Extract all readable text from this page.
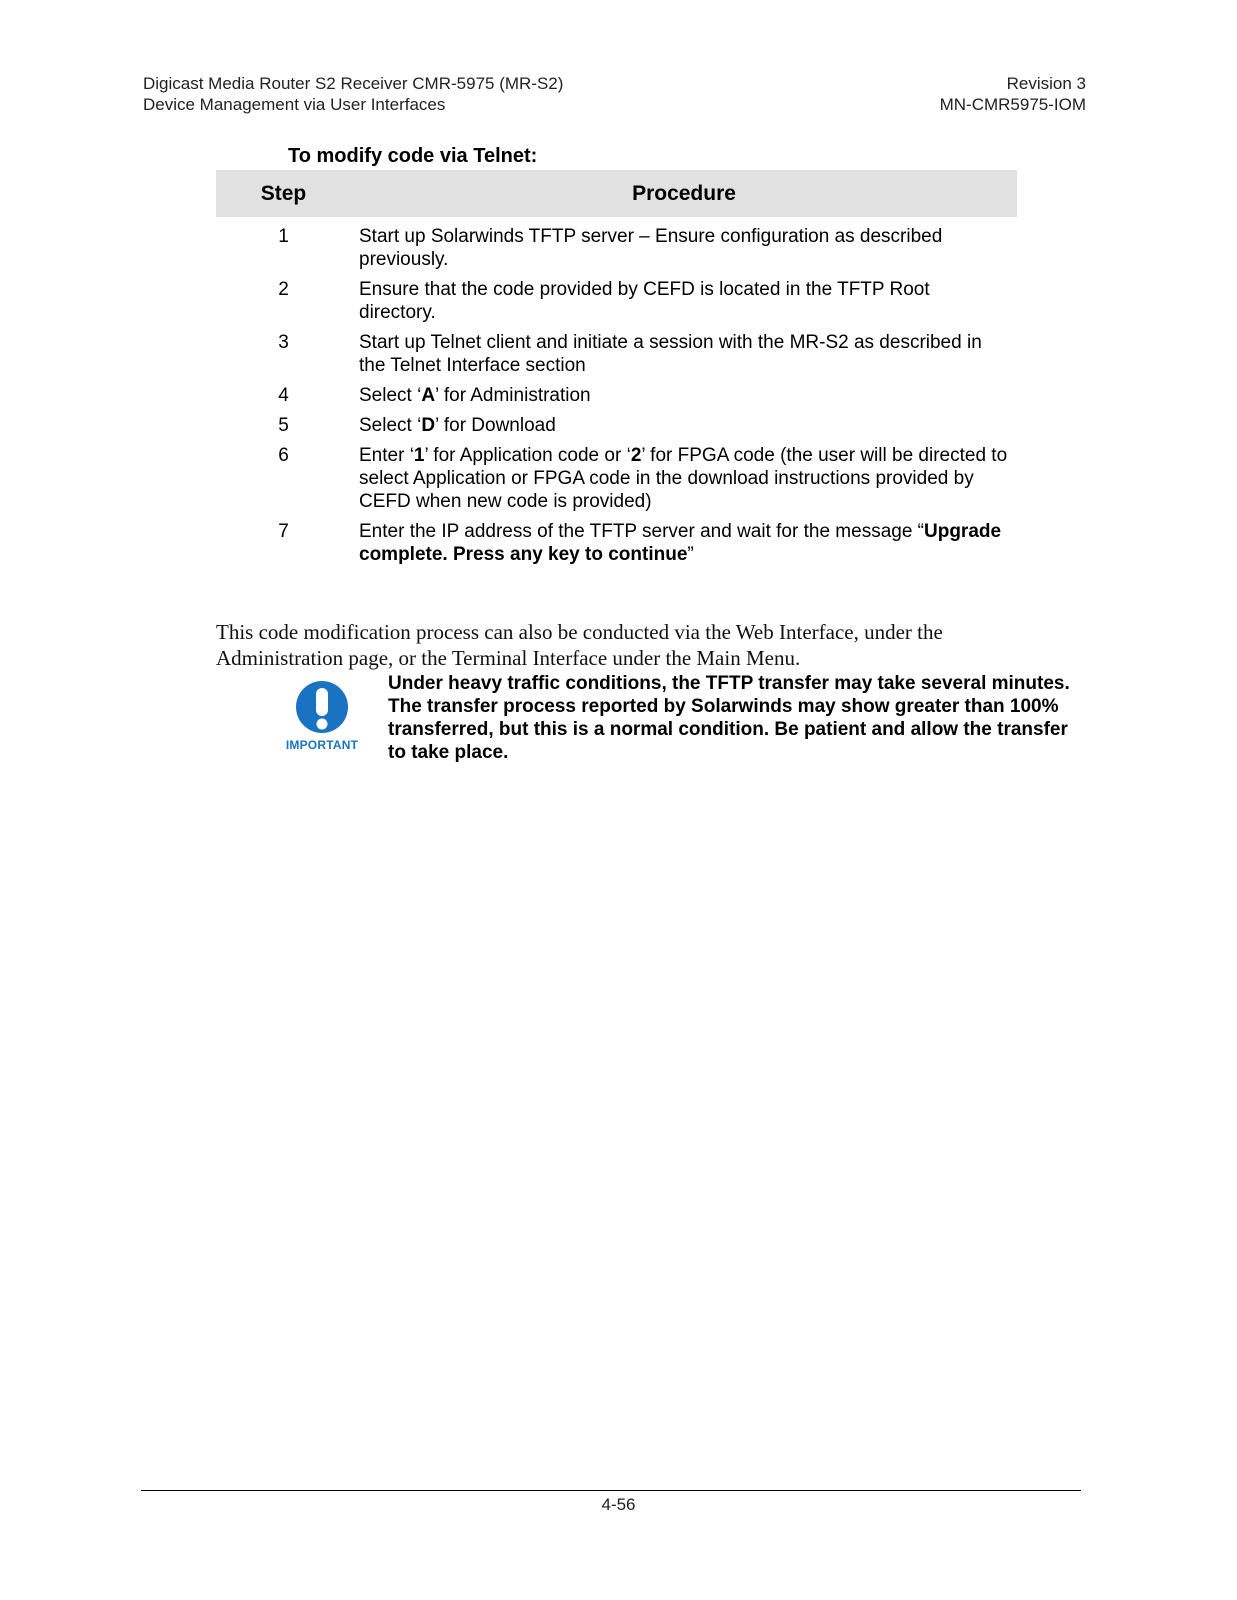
Digicast Media Router S2 Receiver CMR-5975 (MR-S2)
Device Management via User Interfaces
Revision 3
MN-CMR5975-IOM
To modify code via Telnet:
Step	Procedure
1	Start up Solarwinds TFTP server – Ensure configuration as described previously.
2	Ensure that the code provided by CEFD is located in the TFTP Root directory.
3	Start up Telnet client and initiate a session with the MR-S2 as described in the Telnet Interface section
4	Select ‘A’ for Administration
5	Select ‘D’ for Download
6	Enter ‘1’ for Application code or ‘2’ for FPGA code (the user will be directed to select Application or FPGA code in the download instructions provided by CEFD when new code is provided)
7	Enter the IP address of the TFTP server and wait for the message “Upgrade complete. Press any key to continue”

This code modification process can also be conducted via the Web Interface, under the Administration page, or the Terminal Interface under the Main Menu.

IMPORTANT
Under heavy traffic conditions, the TFTP transfer may take several minutes. The transfer process reported by Solarwinds may show greater than 100% transferred, but this is a normal condition. Be patient and allow the transfer to take place.
4-56
